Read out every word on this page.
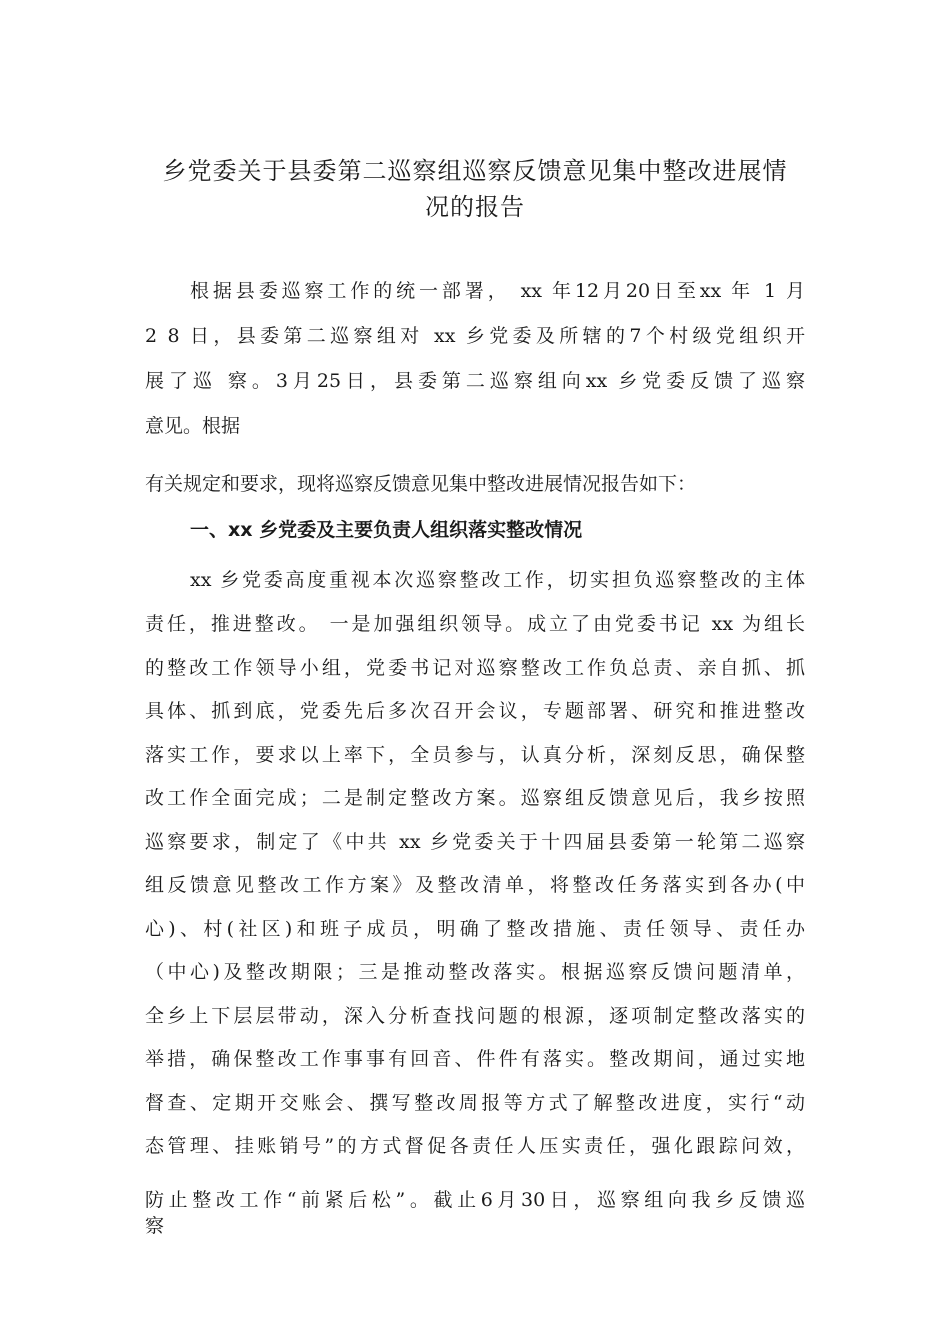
乡党委关于县委第二巡察组巡察反馈意见集中整改进展情
况的报告
根据县委巡察工作的统一部署， xx 年12月20日至xx 年 1 月
2 8 日，县委第二巡察组对 xx 乡党委及所辖的7个村级党组织开
展了巡 察。3月25日，县委第二巡察组向xx 乡党委反馈了巡察
意见。根据
有关规定和要求，现将巡察反馈意见集中整改进展情况报告如下：
一、xx 乡党委及主要负责人组织落实整改情况
xx 乡党委高度重视本次巡察整改工作，切实担负巡察整改的主体
责任，推进整改。 一是加强组织领导。成立了由党委书记 xx 为组长
的整改工作领导小组，党委书记对巡察整改工作负总责、亲自抓、抓
具体、抓到底，党委先后多次召开会议，专题部署、研究和推进整改
落实工作，要求以上率下，全员参与，认真分析，深刻反思，确保整
改工作全面完成；二是制定整改方案。巡察组反馈意见后，我乡按照
巡察要求，制定了《中共 xx 乡党委关于十四届县委第一轮第二巡察
组反馈意见整改工作方案》及整改清单，将整改任务落实到各办(中
心)、村(社区)和班子成员，明确了整改措施、责任领导、责任办
（中心)及整改期限；三是推动整改落实。根据巡察反馈问题清单，
全乡上下层层带动，深入分析查找问题的根源，逐项制定整改落实的
举措，确保整改工作事事有回音、件件有落实。整改期间，通过实地
督查、定期开交账会、撰写整改周报等方式了解整改进度，实行“动
态管理、挂账销号”的方式督促各责任人压实责任，强化跟踪问效，
防止整改工作“前紧后松”。截止6月30日，巡察组向我乡反馈巡
察
